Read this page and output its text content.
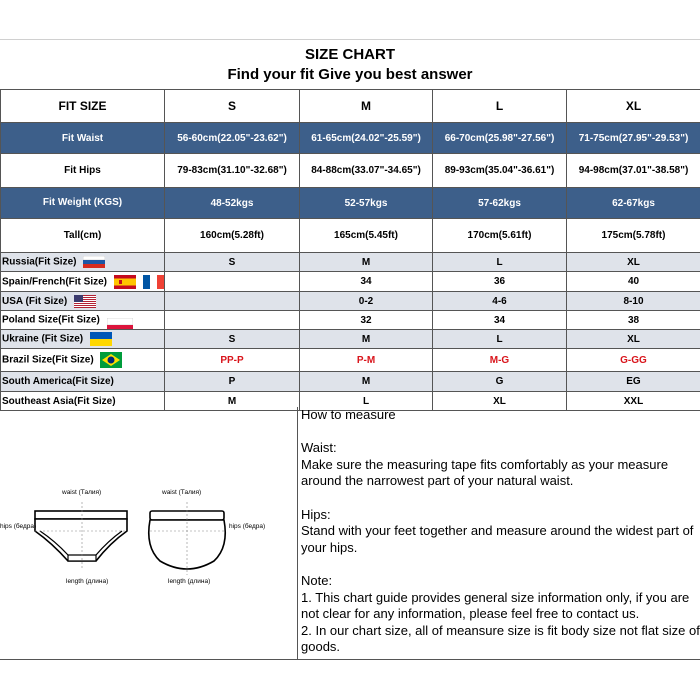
SIZE CHART
Find your fit Give you best answer
FIT SIZE	S	M	L	XL
Fit Waist	56-60cm(22.05"-23.62")	61-65cm(24.02"-25.59")	66-70cm(25.98"-27.56")	71-75cm(27.95"-29.53")
Fit Hips	79-83cm(31.10"-32.68")	84-88cm(33.07"-34.65")	89-93cm(35.04"-36.61")	94-98cm(37.01"-38.58")
Fit Weight (KGS)	48-52kgs	52-57kgs	57-62kgs	62-67kgs
Tall(cm)	160cm(5.28ft)	165cm(5.45ft)	170cm(5.61ft)	175cm(5.78ft)
Russia(Fit Size)	S	M	L	XL
Spain/French(Fit Size)		34	36	40
USA (Fit Size)		0-2	4-6	8-10
Poland Size(Fit Size)		32	34	38
Ukraine (Fit Size)	S	M	L	XL
Brazil Size(Fit Size)	PP-P	P-M	M-G	G-GG
South America(Fit Size)	P	M	G	EG
Southeast Asia(Fit Size)	M	L	XL	XXL
waist (Талия)	waist (Талия)
hips (бедра)	hips (бедра)
length (длина)	length (длина)

How to measure

Waist:

Make sure the measuring tape fits comfortably as your measure around the narrowest part of your natural waist.

Hips:

Stand with your feet together and measure around the widest part of your hips.

Note:

1. This chart guide provides general size information only, if you are not clear for any information, please feel free to contact us.

2. In our chart size, all of meansure size is fit body size not flat size of goods.
